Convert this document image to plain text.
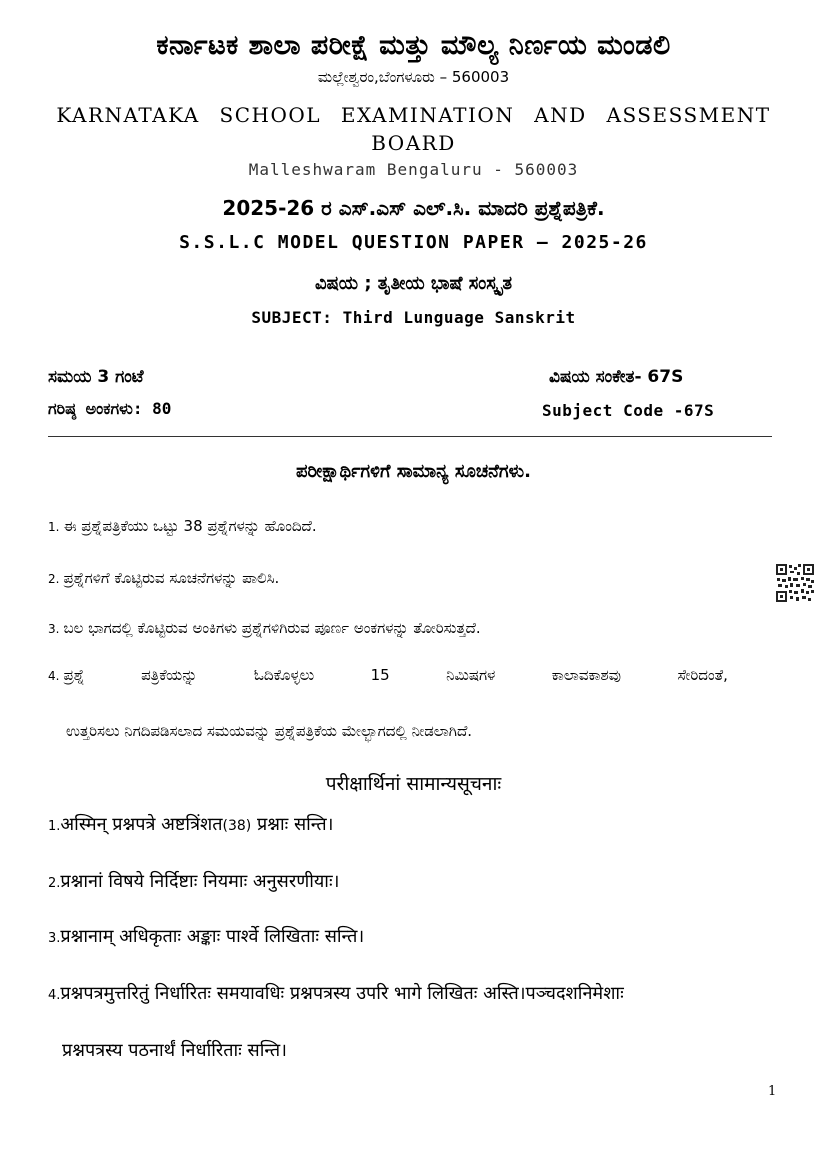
ಕರ್ನಾಟಕ ಶಾಲಾ ಪರೀಕ್ಷೆ ಮತ್ತು ಮೌಲ್ಯ ನಿರ್ಣಯ ಮಂಡಲಿ
ಮಲ್ಲೇಶ್ವರಂ,ಬೆಂಗಳೂರು – 560003
KARNATAKA SCHOOL EXAMINATION AND ASSESSMENT
BOARD
Malleshwaram Bengaluru - 560003
2025-26 ರ ಎಸ್.ಎಸ್ ಎಲ್.ಸಿ. ಮಾದರಿ ಪ್ರಶ್ನೆಪತ್ರಿಕೆ.
S.S.L.C MODEL QUESTION PAPER – 2025-26
ವಿಷಯ ; ತೃತೀಯ ಭಾಷೆ ಸಂಸ್ಕೃತ
SUBJECT: Third Lunguage Sanskrit
ಸಮಯ 3 ಗಂಟೆ	ವಿಷಯ ಸಂಕೇತ- 67S
ಗರಿಷ್ಠ ಅಂಕಗಳು: 80	Subject Code -67S
ಪರೀಕ್ಷಾರ್ಥಿಗಳಿಗೆ ಸಾಮಾನ್ಯ ಸೂಚನೆಗಳು.
1. ಈ ಪ್ರಶ್ನೆಪತ್ರಿಕೆಯು ಒಟ್ಟು 38 ಪ್ರಶ್ನೆಗಳನ್ನು ಹೊಂದಿದೆ.
2. ಪ್ರಶ್ನೆಗಳಿಗೆ ಕೊಟ್ಟಿರುವ ಸೂಚನೆಗಳನ್ನು ಪಾಲಿಸಿ.
3. ಬಲ ಭಾಗದಲ್ಲಿ ಕೊಟ್ಟಿರುವ ಅಂಕಿಗಳು ಪ್ರಶ್ನೆಗಳಿಗಿರುವ ಪೂರ್ಣ ಅಂಕಗಳನ್ನು ತೋರಿಸುತ್ತದೆ.
4. ಪ್ರಶ್ನೆ	ಪತ್ರಿಕೆಯನ್ನು	ಓದಿಕೊಳ್ಳಲು	15	ನಿಮಿಷಗಳ	ಕಾಲಾವಕಾಶವು	ಸೇರಿದಂತೆ,
ಉತ್ತರಿಸಲು ನಿಗದಿಪಡಿಸಲಾದ ಸಮಯವನ್ನು ಪ್ರಶ್ನೆಪತ್ರಿಕೆಯ ಮೇಲ್ಭಾಗದಲ್ಲಿ ನೀಡಲಾಗಿದೆ.
परीक्षार्थिनां सामान्यसूचनाः
1.अस्मिन् प्रश्नपत्रे अष्टत्रिंशत(38) प्रश्नाः सन्ति।
2.प्रश्नानां विषये निर्दिष्टाः नियमाः अनुसरणीयाः।
3.प्रश्नानाम् अधिकृताः अङ्काः पार्श्वे लिखिताः सन्ति।
4.प्रश्नपत्रमुत्तरितुं निर्धारितः समयावधिः प्रश्नपत्रस्य उपरि भागे लिखितः अस्ति।पञ्चदशनिमेशाः
प्रश्नपत्रस्य पठनार्थं निर्धारिताः सन्ति।
1
